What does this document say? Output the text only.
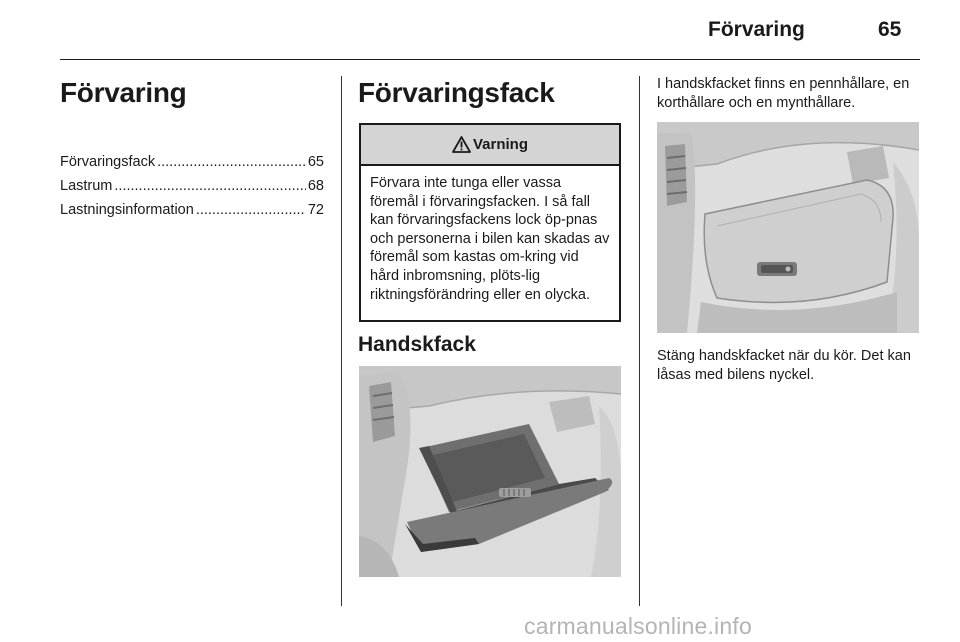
Förvaring	65
Förvaring
Förvaringsfack .....	65
Lastrum .....	68
Lastningsinformation .....	72
Förvaringsfack
Varning
Förvara inte tunga eller vassa föremål i förvaringsfacken. I så fall kan förvaringsfackens lock öp-pnas och personerna i bilen kan skadas av föremål som kastas om-kring vid hård inbromsning, plöts-lig riktningsförändring eller en olycka.
Handskfack
I handskfacket finns en pennhållare, en korthållare och en mynthållare.
Stäng handskfacket när du kör. Det kan låsas med bilens nyckel.
carmanualsonline.info
